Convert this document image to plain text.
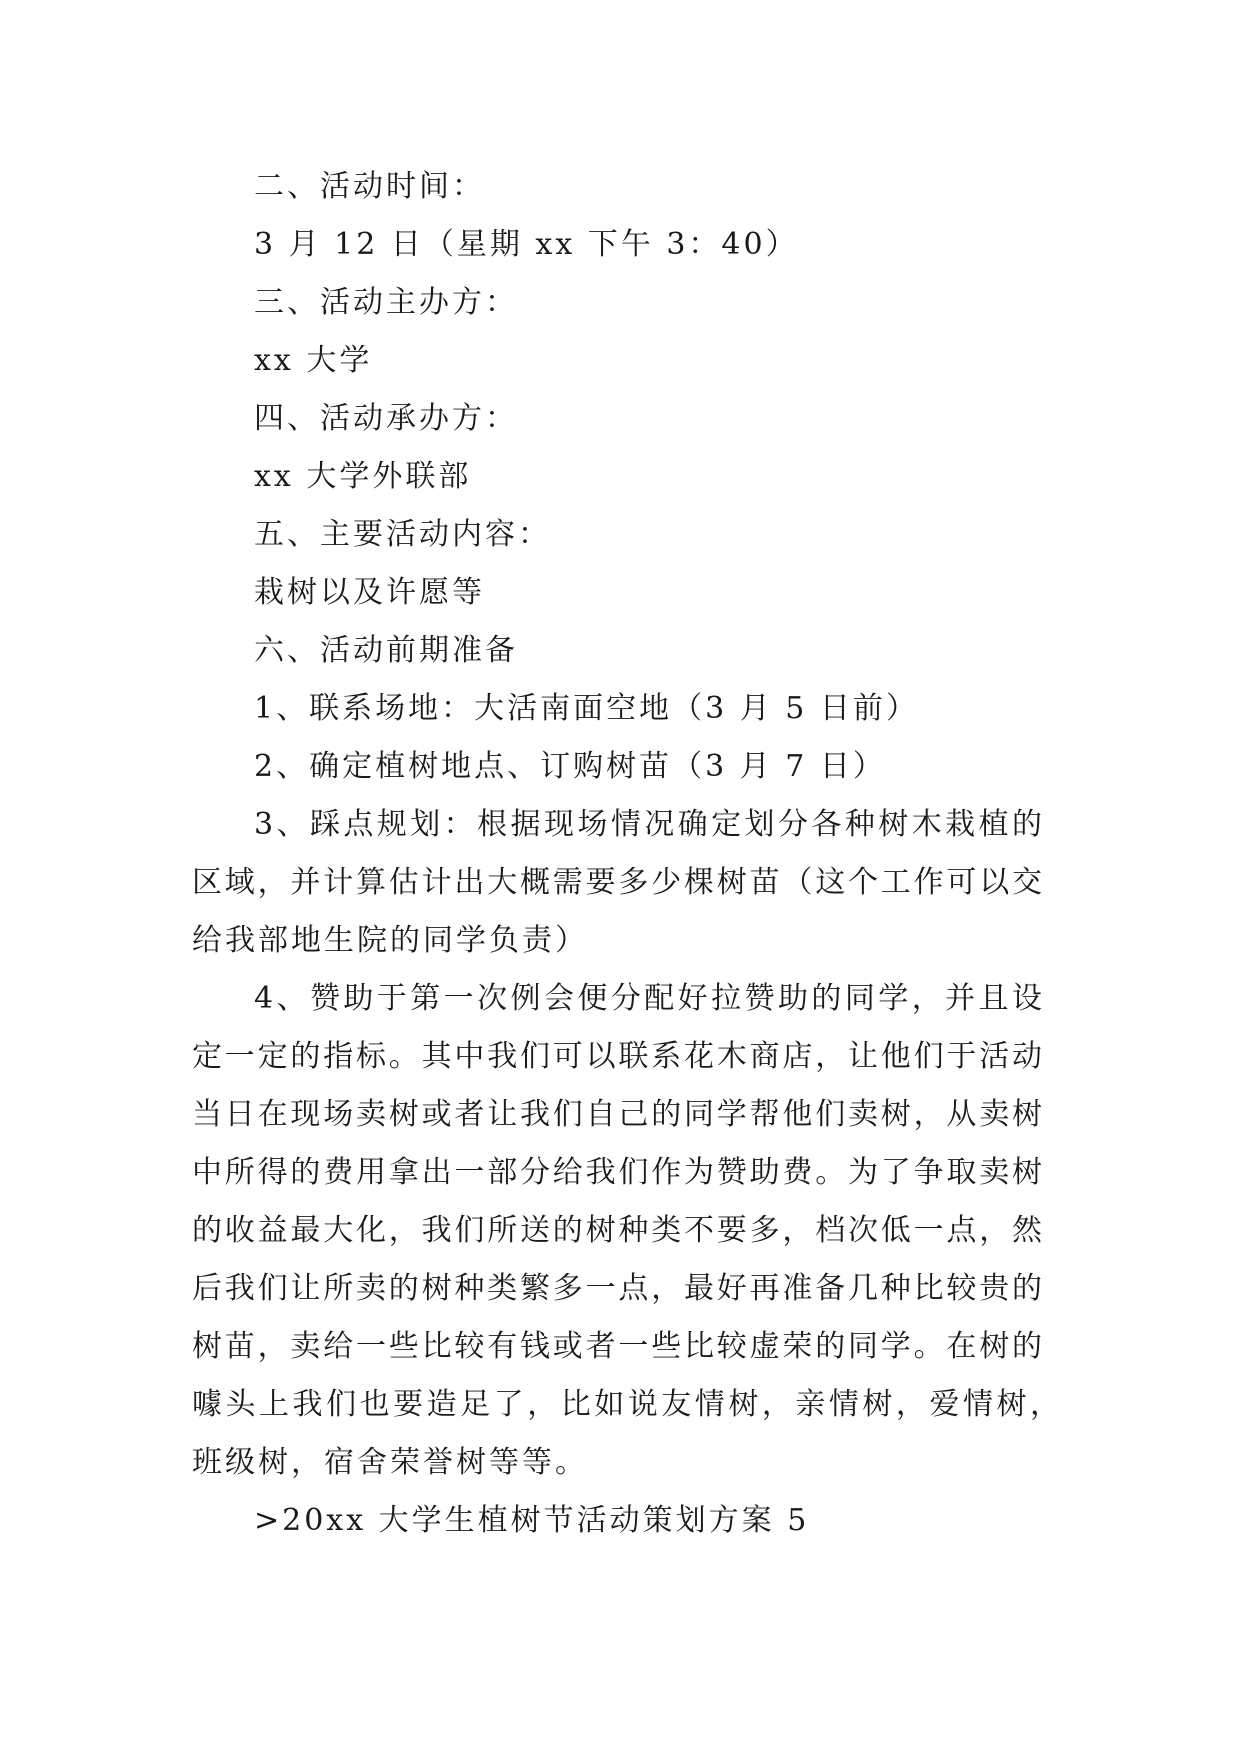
二、活动时间：
3 月 12 日（星期 xx 下午 3：40）
三、活动主办方：
xx 大学
四、活动承办方：
xx 大学外联部
五、主要活动内容：
栽树以及许愿等
六、活动前期准备
1、联系场地：大活南面空地（3 月 5 日前）
2、确定植树地点、订购树苗（3 月 7 日）
3、踩点规划：根据现场情况确定划分各种树木栽植的
区域，并计算估计出大概需要多少棵树苗（这个工作可以交
给我部地生院的同学负责）
4、赞助于第一次例会便分配好拉赞助的同学，并且设
定一定的指标。其中我们可以联系花木商店，让他们于活动
当日在现场卖树或者让我们自己的同学帮他们卖树，从卖树
中所得的费用拿出一部分给我们作为赞助费。为了争取卖树
的收益最大化，我们所送的树种类不要多，档次低一点，然
后我们让所卖的树种类繁多一点，最好再准备几种比较贵的
树苗，卖给一些比较有钱或者一些比较虚荣的同学。在树的
噱头上我们也要造足了，比如说友情树，亲情树，爱情树，
班级树，宿舍荣誉树等等。
>20xx 大学生植树节活动策划方案 5
